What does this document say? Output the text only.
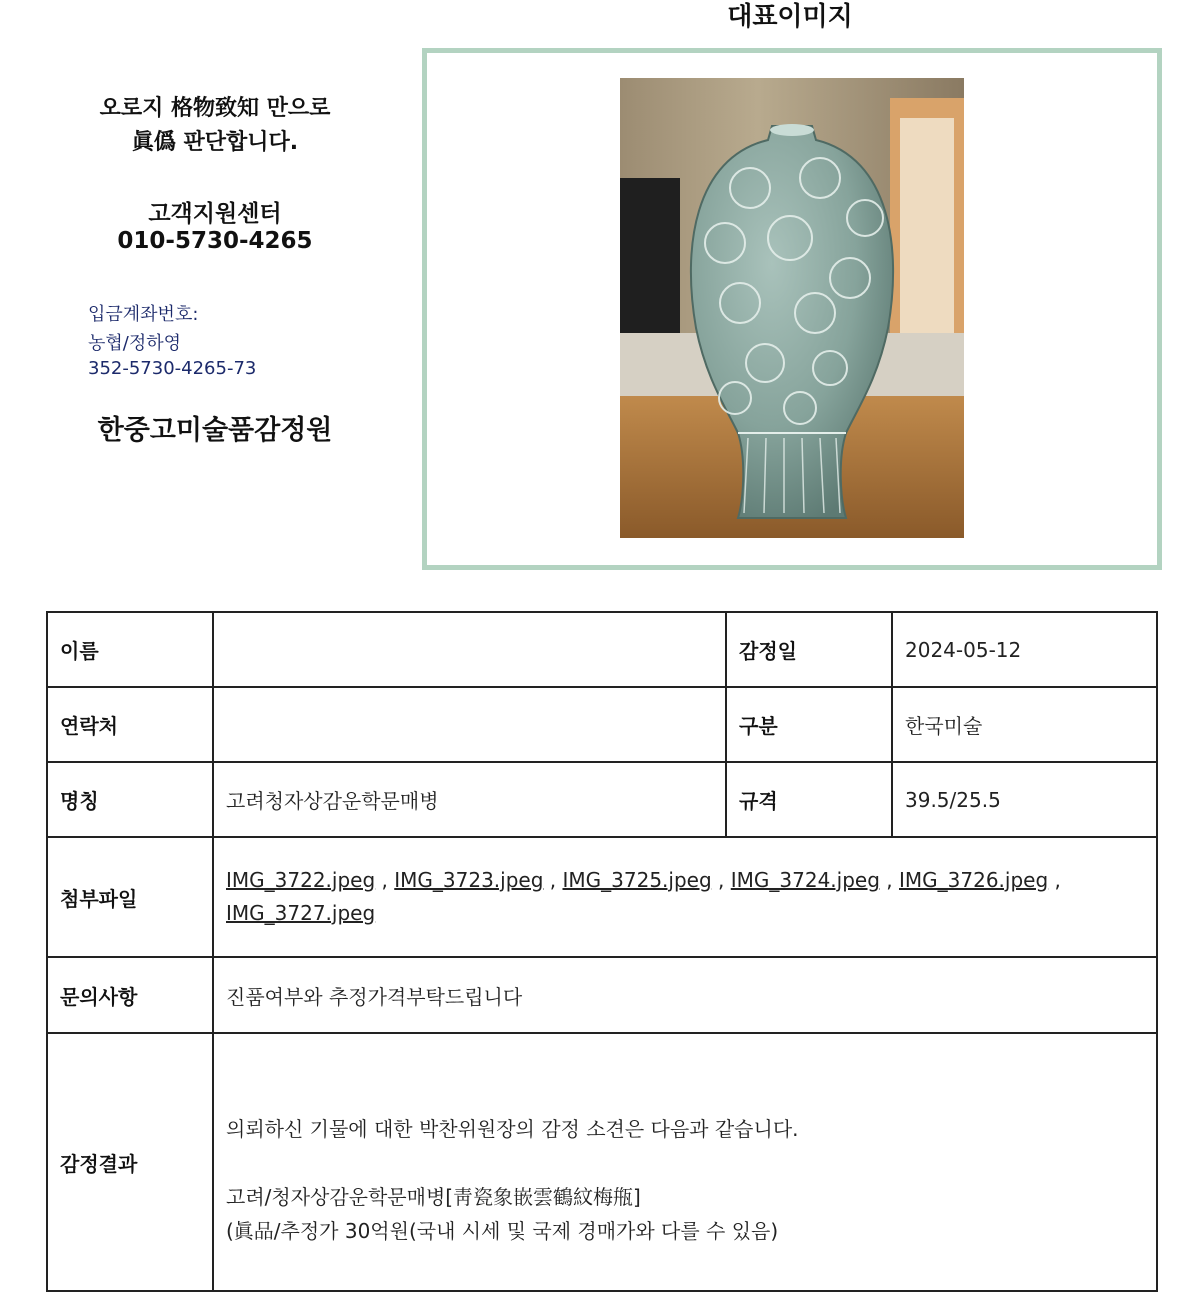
오로지 格物致知 만으로
眞僞 판단합니다.
고객지원센터
010-5730-4265
입금계좌번호:
농협/정하영
352-5730-4265-73
한중고미술품감정원
대표이미지
이름		감정일	2024-05-12
연락처		구분	한국미술
명칭	고려청자상감운학문매병	규격	39.5/25.5
첨부파일	IMG_3722.jpeg , IMG_3723.jpeg , IMG_3725.jpeg , IMG_3724.jpeg , IMG_3726.jpeg ,
IMG_3727.jpeg		

문의사항	진품여부와 추정가격부탁드립니다		
감정결과	의뢰하신 기물에 대한 박찬위원장의 감정 소견은 다음과 같습니다.

고려/청자상감운학문매병[靑瓷象嵌雲鶴紋梅甁]

(眞品/추정가 30억원(국내 시세 및 국제 경매가와 다를 수 있음)		
